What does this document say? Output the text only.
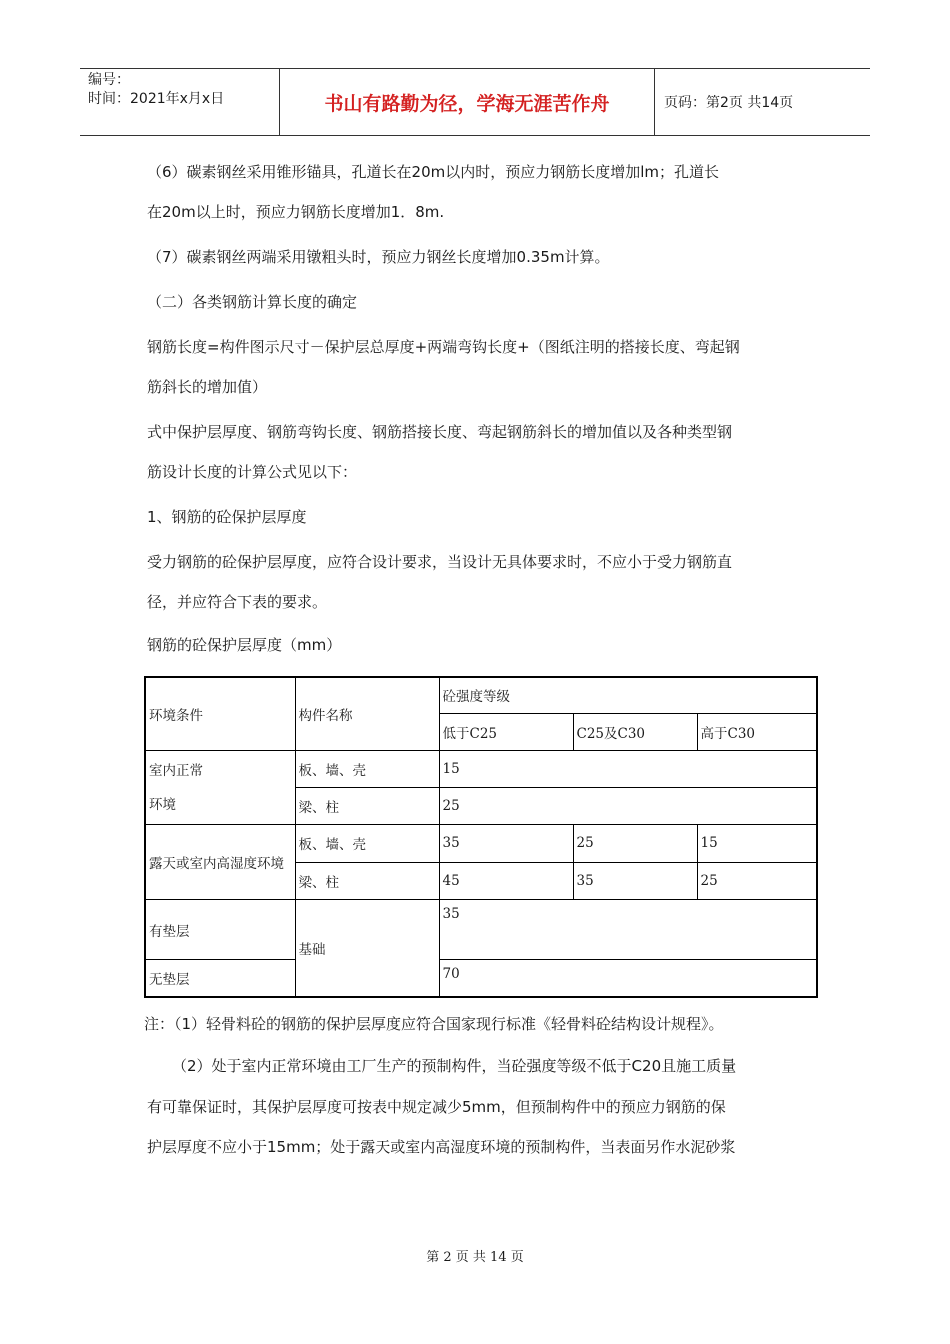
编号：
时间：2021年x月x日	书山有路勤为径，学海无涯苦作舟	页码：第2页 共14页
（6）碳素钢丝采用锥形锚具，孔道长在20m以内时，预应力钢筋长度增加lm；孔道长
在20m以上时，预应力钢筋长度增加1．8m.
（7）碳素钢丝两端采用镦粗头时，预应力钢丝长度增加0.35m计算。
（二）各类钢筋计算长度的确定
钢筋长度=构件图示尺寸－保护层总厚度+两端弯钩长度+（图纸注明的搭接长度、弯起钢
筋斜长的增加值）
式中保护层厚度、钢筋弯钩长度、钢筋搭接长度、弯起钢筋斜长的增加值以及各种类型钢
筋设计长度的计算公式见以下：
1、钢筋的砼保护层厚度
受力钢筋的砼保护层厚度，应符合设计要求，当设计无具体要求时，不应小于受力钢筋直
径，并应符合下表的要求。
钢筋的砼保护层厚度（mm）
环境条件	构件名称	砼强度等级		
		低于C25	C25及C30	高于C30

室内正常
环境	板、墙、壳	15		
	梁、柱	25		
露天或室内高湿度环境	板、墙、壳	35	25	15
	梁、柱	45	35	25
有垫层	基础	35		
无垫层		70		
注：（1）轻骨料砼的钢筋的保护层厚度应符合国家现行标准《轻骨料砼结构设计规程》。
（2）处于室内正常环境由工厂生产的预制构件，当砼强度等级不低于C20且施工质量
有可靠保证时，其保护层厚度可按表中规定减少5mm，但预制构件中的预应力钢筋的保
护层厚度不应小于15mm；处于露天或室内高湿度环境的预制构件，当表面另作水泥砂浆
第 2 页 共 14 页
